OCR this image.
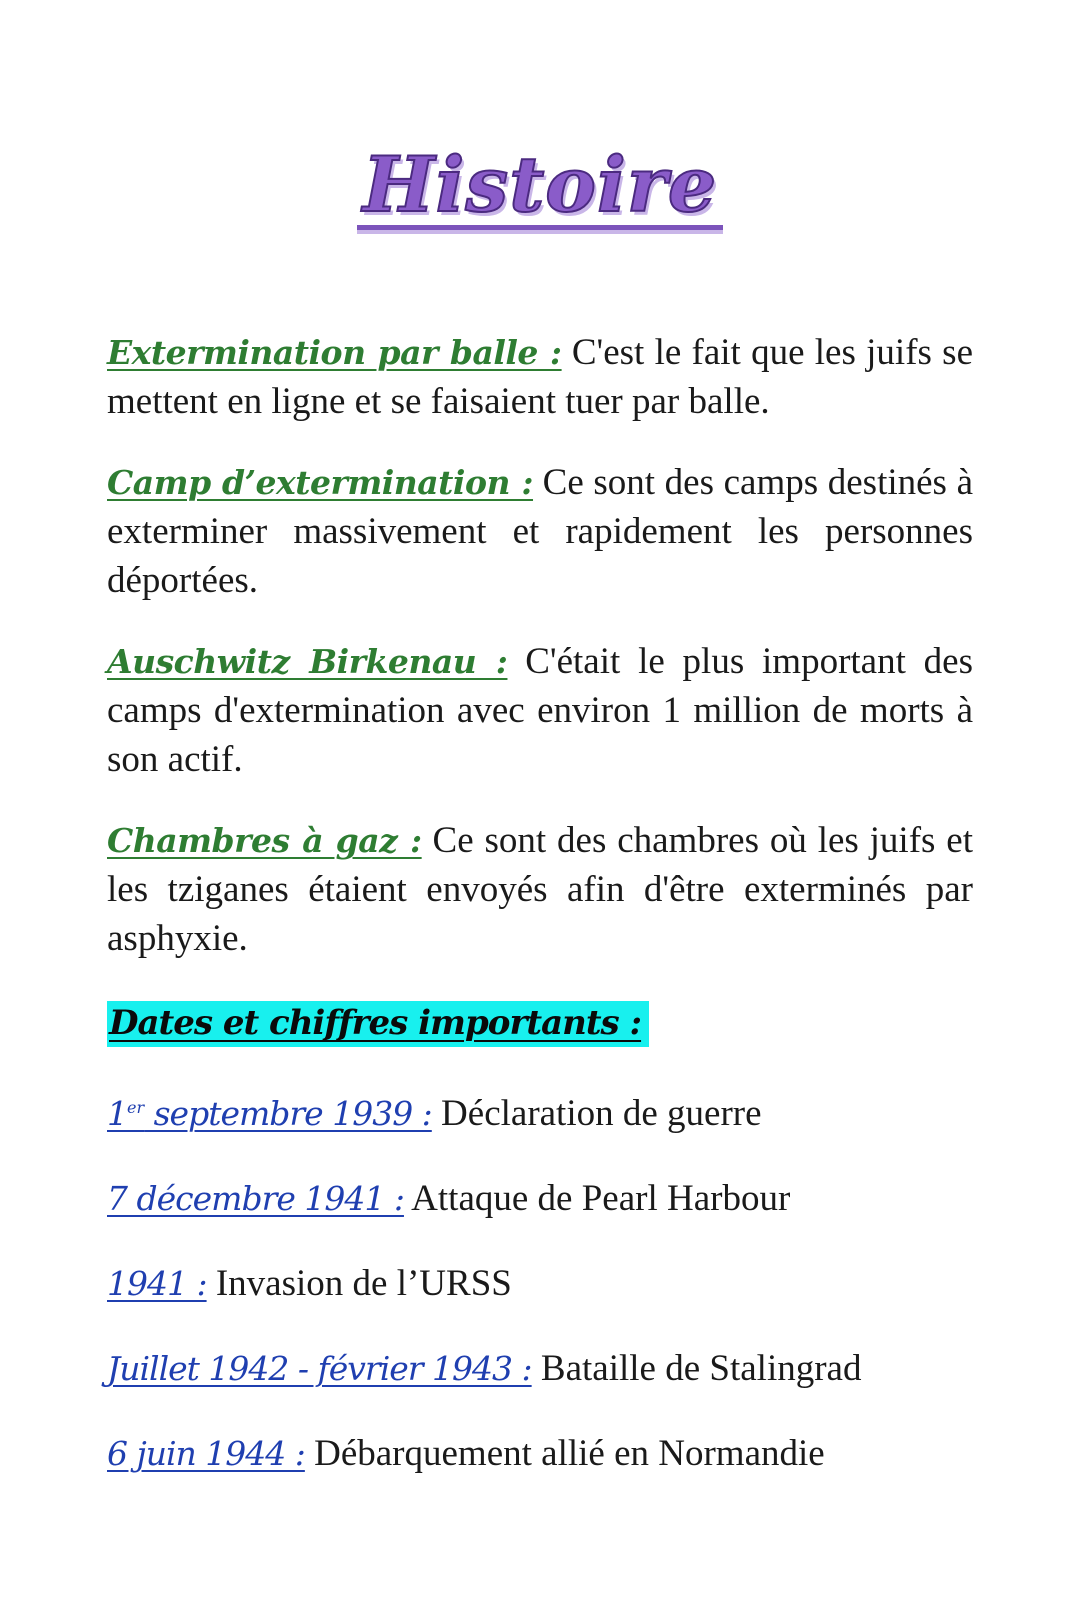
Histoire

Extermination par balle : C'est le fait que les juifs se mettent en ligne et se faisaient tuer par balle.

Camp d’extermination : Ce sont des camps destinés à exterminer massivement et rapidement les personnes déportées.

Auschwitz Birkenau : C'était le plus important des camps d'extermination avec environ 1 million de morts à son actif.

Chambres à gaz : Ce sont des chambres où les juifs et les tziganes étaient envoyés afin d'être exterminés par asphyxie.

Dates et chiffres importants :
1er septembre 1939 : Déclaration de guerre
7 décembre 1941 : Attaque de Pearl Harbour
1941 : Invasion de l’URSS
Juillet 1942 - février 1943 : Bataille de Stalingrad
6 juin 1944 : Débarquement allié en Normandie
